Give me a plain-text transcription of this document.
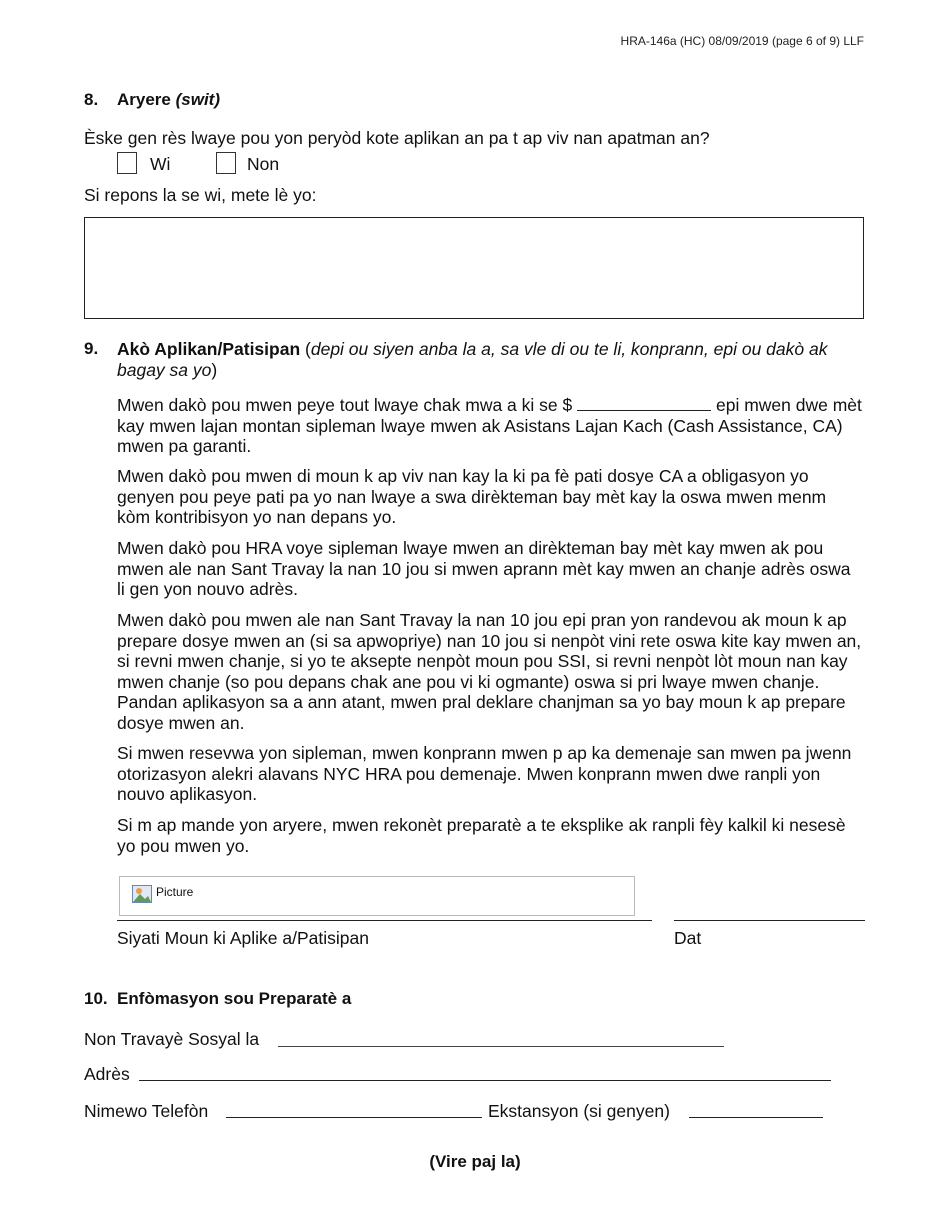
HRA-146a (HC) 08/09/2019 (page 6 of 9) LLF
8. Aryere (swit)
Èske gen rès lwaye pou yon peryòd kote aplikan an pa t ap viv nan apatman an?
Wi	Non
Si repons la se wi, mete lè yo:
9. Akò Aplikan/Patisipan (depi ou siyen anba la a, sa vle di ou te li, konprann, epi ou dakò ak bagay sa yo)
Mwen dakò pou mwen peye tout lwaye chak mwa a ki se $	epi mwen dwe mèt kay mwen lajan montan sipleman lwaye mwen ak Asistans Lajan Kach (Cash Assistance, CA) mwen pa garanti.
Mwen dakò pou mwen di moun k ap viv nan kay la ki pa fè pati dosye CA a obligasyon yo genyen pou peye pati pa yo nan lwaye a swa dirèkteman bay mèt kay la oswa mwen menm kòm kontribisyon yo nan depans yo.
Mwen dakò pou HRA voye sipleman lwaye mwen an dirèkteman bay mèt kay mwen ak pou mwen ale nan Sant Travay la nan 10 jou si mwen aprann mèt kay mwen an chanje adrès oswa li gen yon nouvo adrès.
Mwen dakò pou mwen ale nan Sant Travay la nan 10 jou epi pran yon randevou ak moun k ap prepare dosye mwen an (si sa apwopriye) nan 10 jou si nenpòt vini rete oswa kite kay mwen an, si revni mwen chanje, si yo te aksepte nenpòt moun pou SSI, si revni nenpòt lòt moun nan kay mwen chanje (so pou depans chak ane pou vi ki ogmante) oswa si pri lwaye mwen chanje. Pandan aplikasyon sa a ann atant, mwen pral deklare chanjman sa yo bay moun k ap prepare dosye mwen an.
Si mwen resevwa yon sipleman, mwen konprann mwen p ap ka demenaje san mwen pa jwenn otorizasyon alekri alavans NYC HRA pou demenaje. Mwen konprann mwen dwe ranpli yon nouvo aplikasyon.
Si m ap mande yon aryere, mwen rekonèt preparatè a te eksplike ak ranpli fèy kalkil ki nesesè yo pou mwen yo.
Picture
Siyati Moun ki Aplike a/Patisipan	Dat
10. Enfòmasyon sou Preparatè a
Non Travayè Sosyal la
Adrès
Nimewo Telefòn	Ekstansyon (si genyen)
(Vire paj la)
